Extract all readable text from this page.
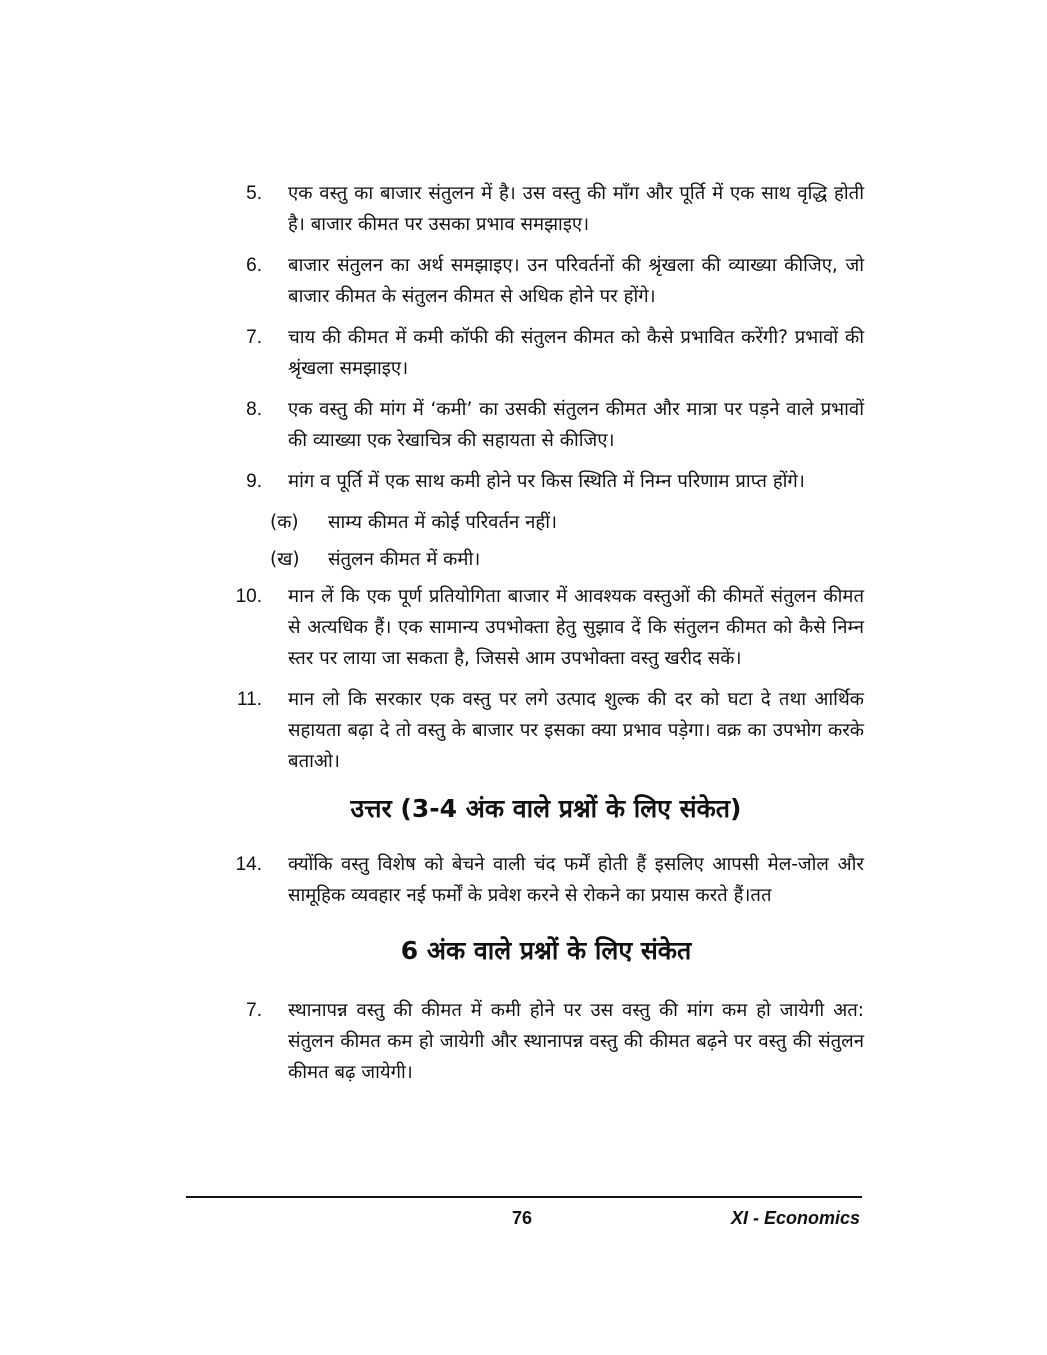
5. एक वस्तु का बाजार संतुलन में है। उस वस्तु की माँग और पूर्ति में एक साथ वृद्धि होती है। बाजार कीमत पर उसका प्रभाव समझाइए।
6. बाजार संतुलन का अर्थ समझाइए। उन परिवर्तनों की श्रृंखला की व्याख्या कीजिए, जो बाजार कीमत के संतुलन कीमत से अधिक होने पर होंगे।
7. चाय की कीमत में कमी कॉफी की संतुलन कीमत को कैसे प्रभावित करेंगी? प्रभावों की श्रृंखला समझाइए।
8. एक वस्तु की मांग में ‘कमी’ का उसकी संतुलन कीमत और मात्रा पर पड़ने वाले प्रभावों की व्याख्या एक रेखाचित्र की सहायता से कीजिए।
9. मांग व पूर्ति में एक साथ कमी होने पर किस स्थिति में निम्न परिणाम प्राप्त होंगे।
(क) साम्य कीमत में कोई परिवर्तन नहीं।
(ख) संतुलन कीमत में कमी।
10. मान लें कि एक पूर्ण प्रतियोगिता बाजार में आवश्यक वस्तुओं की कीमतें संतुलन कीमत से अत्यधिक हैं। एक सामान्य उपभोक्ता हेतु सुझाव दें कि संतुलन कीमत को कैसे निम्न स्तर पर लाया जा सकता है, जिससे आम उपभोक्ता वस्तु खरीद सकें।
11. मान लो कि सरकार एक वस्तु पर लगे उत्पाद शुल्क की दर को घटा दे तथा आर्थिक सहायता बढ़ा दे तो वस्तु के बाजार पर इसका क्या प्रभाव पड़ेगा। वक्र का उपभोग करके बताओ।
उत्तर (3-4 अंक वाले प्रश्नों के लिए संकेत)
14. क्योंकि वस्तु विशेष को बेचने वाली चंद फर्में होती हैं इसलिए आपसी मेल-जोल और सामूहिक व्यवहार नई फर्मों के प्रवेश करने से रोकने का प्रयास करते हैं।तत
6 अंक वाले प्रश्नों के लिए संकेत
7. स्थानापन्न वस्तु की कीमत में कमी होने पर उस वस्तु की मांग कम हो जायेगी अत: संतुलन कीमत कम हो जायेगी और स्थानापन्न वस्तु की कीमत बढ़ने पर वस्तु की संतुलन कीमत बढ़ जायेगी।
76	XI - Economics
